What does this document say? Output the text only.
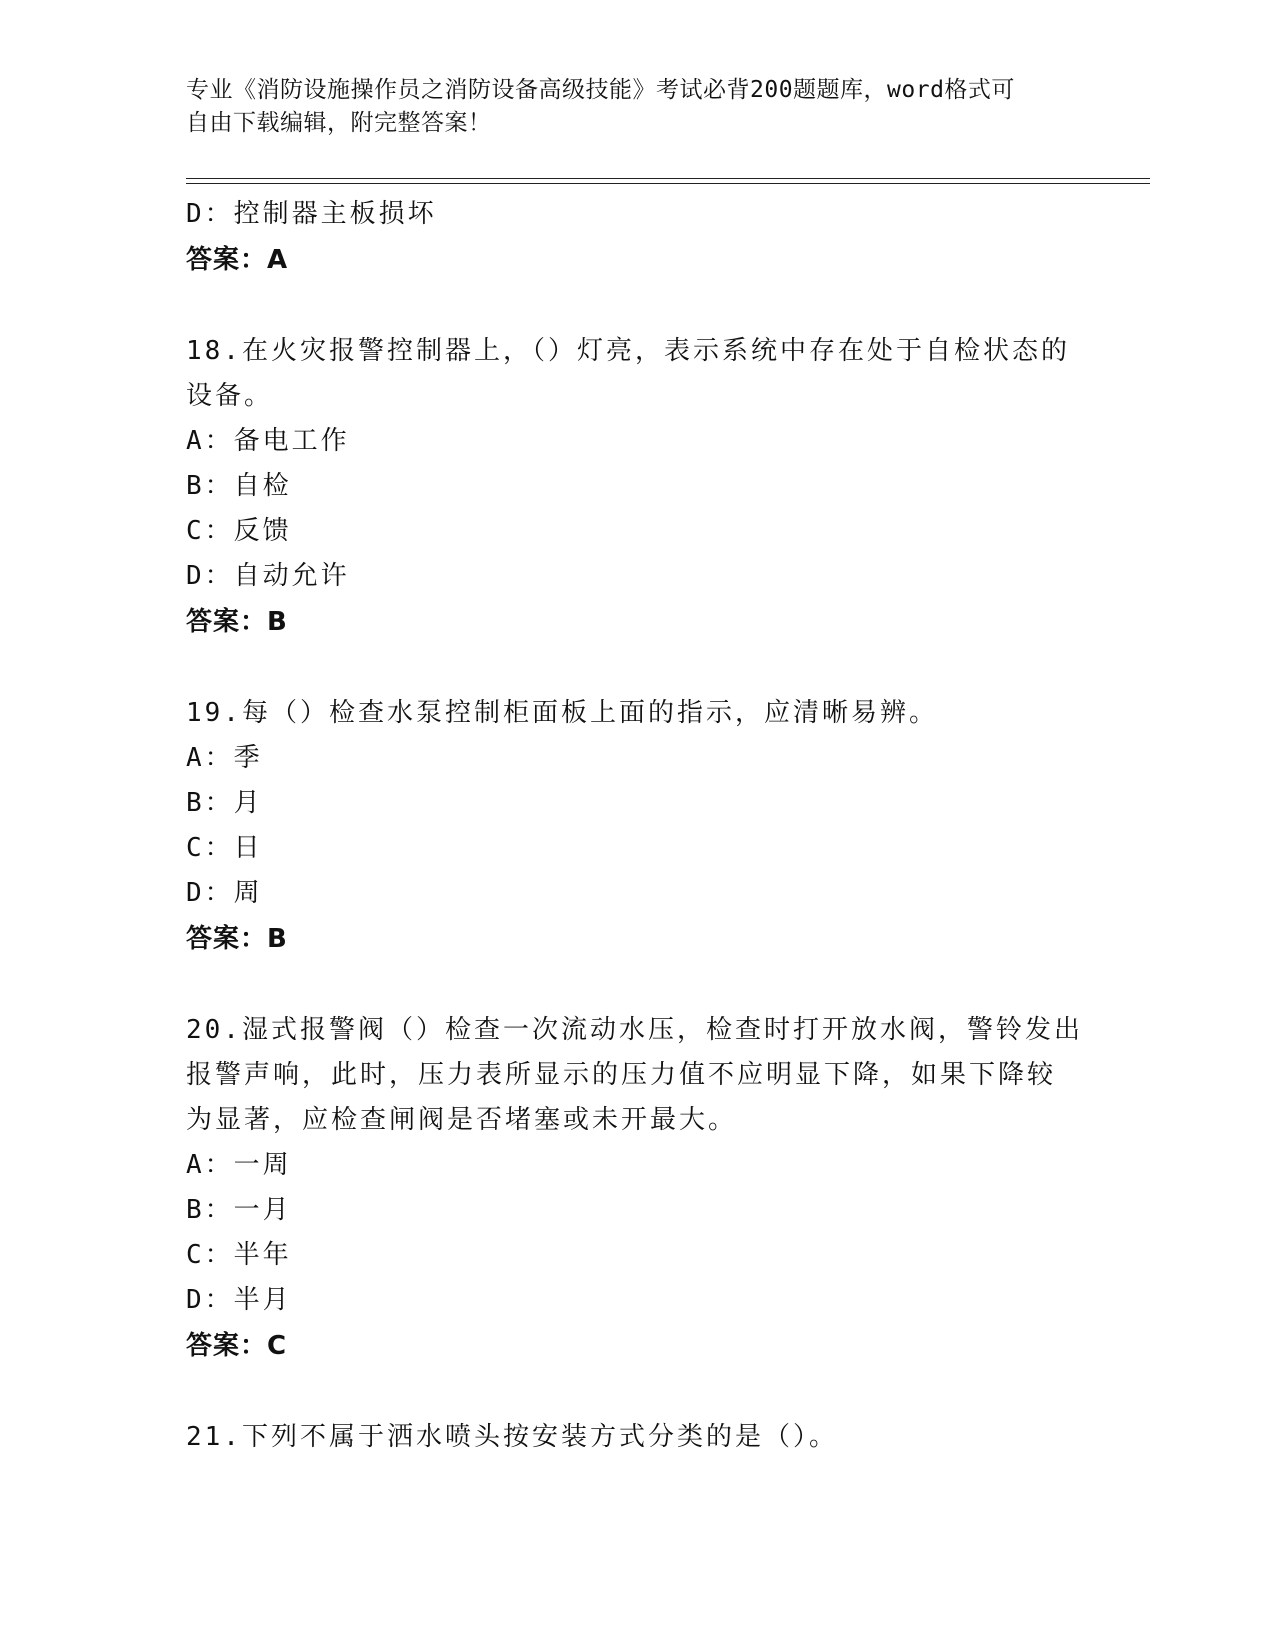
专业《消防设施操作员之消防设备高级技能》考试必背200题题库，word格式可
自由下载编辑，附完整答案！
D：控制器主板损坏
答案：A
18.在火灾报警控制器上，（）灯亮，表示系统中存在处于自检状态的
设备。
A：备电工作
B：自检
C：反馈
D：自动允许
答案：B
19.每（）检查水泵控制柜面板上面的指示，应清晰易辨。
A：季
B：月
C：日
D：周
答案：B
20.湿式报警阀（）检查一次流动水压，检查时打开放水阀，警铃发出
报警声响，此时，压力表所显示的压力值不应明显下降，如果下降较
为显著，应检查闸阀是否堵塞或未开最大。
A：一周
B：一月
C：半年
D：半月
答案：C
21.下列不属于洒水喷头按安装方式分类的是（）。
